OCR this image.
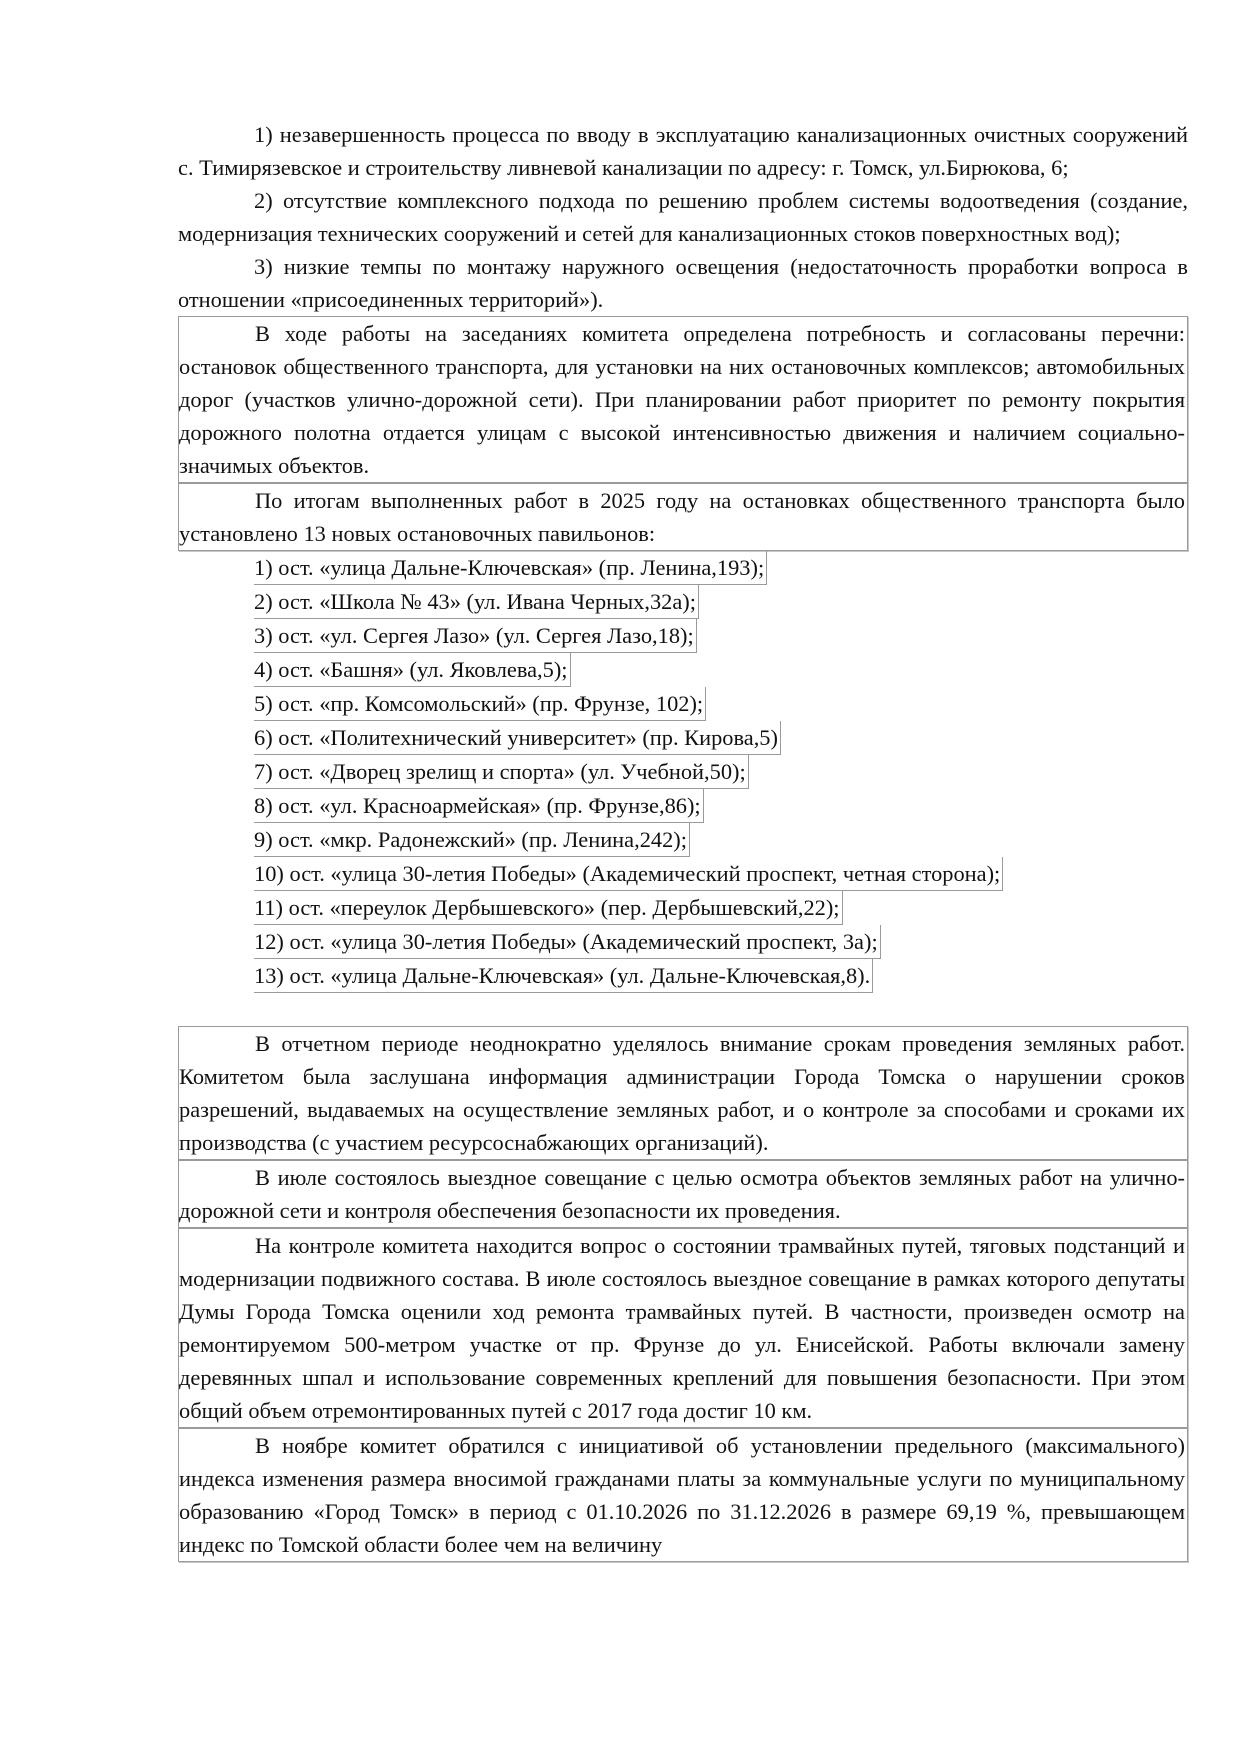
1) незавершенность процесса по вводу в эксплуатацию канализационных очистных сооружений с. Тимирязевское и строительству ливневой канализации по адресу: г. Томск, ул.Бирюкова, 6;

2) отсутствие комплексного подхода по решению проблем системы водоотведения (создание, модернизация технических сооружений и сетей для канализационных стоков поверхностных вод);

3) низкие темпы по монтажу наружного освещения (недостаточность проработки вопроса в отношении «присоединенных территорий»).

В ходе работы на заседаниях комитета определена потребность и согласованы перечни: остановок общественного транспорта, для установки на них остановочных комплексов; автомобильных дорог (участков улично-дорожной сети). При планировании работ приоритет по ремонту покрытия дорожного полотна отдается улицам с высокой интенсивностью движения и наличием социально-значимых объектов.

По итогам выполненных работ в 2025 году на остановках общественного транспорта было установлено 13 новых остановочных павильонов:

1) ост. «улица Дальне-Ключевская» (пр. Ленина,193);

2) ост. «Школа № 43» (ул. Ивана Черных,32а);

3) ост. «ул. Сергея Лазо» (ул. Сергея Лазо,18);

4) ост. «Башня» (ул. Яковлева,5);

5) ост. «пр. Комсомольский» (пр. Фрунзе, 102);

6) ост. «Политехнический университет» (пр. Кирова,5)

7) ост. «Дворец зрелищ и спорта» (ул. Учебной,50);

8) ост. «ул. Красноармейская» (пр. Фрунзе,86);

9) ост. «мкр. Радонежский» (пр. Ленина,242);

10) ост. «улица 30-летия Победы» (Академический проспект, четная сторона);

11) ост. «переулок Дербышевского» (пер. Дербышевский,22);

12) ост. «улица 30-летия Победы» (Академический проспект, 3а);

13) ост. «улица Дальне-Ключевская» (ул. Дальне-Ключевская,8).

В отчетном периоде неоднократно уделялось внимание срокам проведения земляных работ. Комитетом была заслушана информация администрации Города Томска о нарушении сроков разрешений, выдаваемых на осуществление земляных работ, и о контроле за способами и сроками их производства (с участием ресурсоснабжающих организаций).

В июле состоялось выездное совещание с целью осмотра объектов земляных работ на улично-дорожной сети и контроля обеспечения безопасности их проведения.

На контроле комитета находится вопрос о состоянии трамвайных путей, тяговых подстанций и модернизации подвижного состава. В июле состоялось выездное совещание в рамках которого депутаты Думы Города Томска оценили ход ремонта трамвайных путей. В частности, произведен осмотр на ремонтируемом 500-метром участке от пр. Фрунзе до ул. Енисейской. Работы включали замену деревянных шпал и использование современных креплений для повышения безопасности. При этом общий объем отремонтированных путей с 2017 года достиг 10 км.

В ноябре комитет обратился с инициативой об установлении предельного (максимального) индекса изменения размера вносимой гражданами платы за коммунальные услуги по муниципальному образованию «Город Томск» в период с 01.10.2026 по 31.12.2026 в размере 69,19 %, превышающем индекс по Томской области более чем на величину
